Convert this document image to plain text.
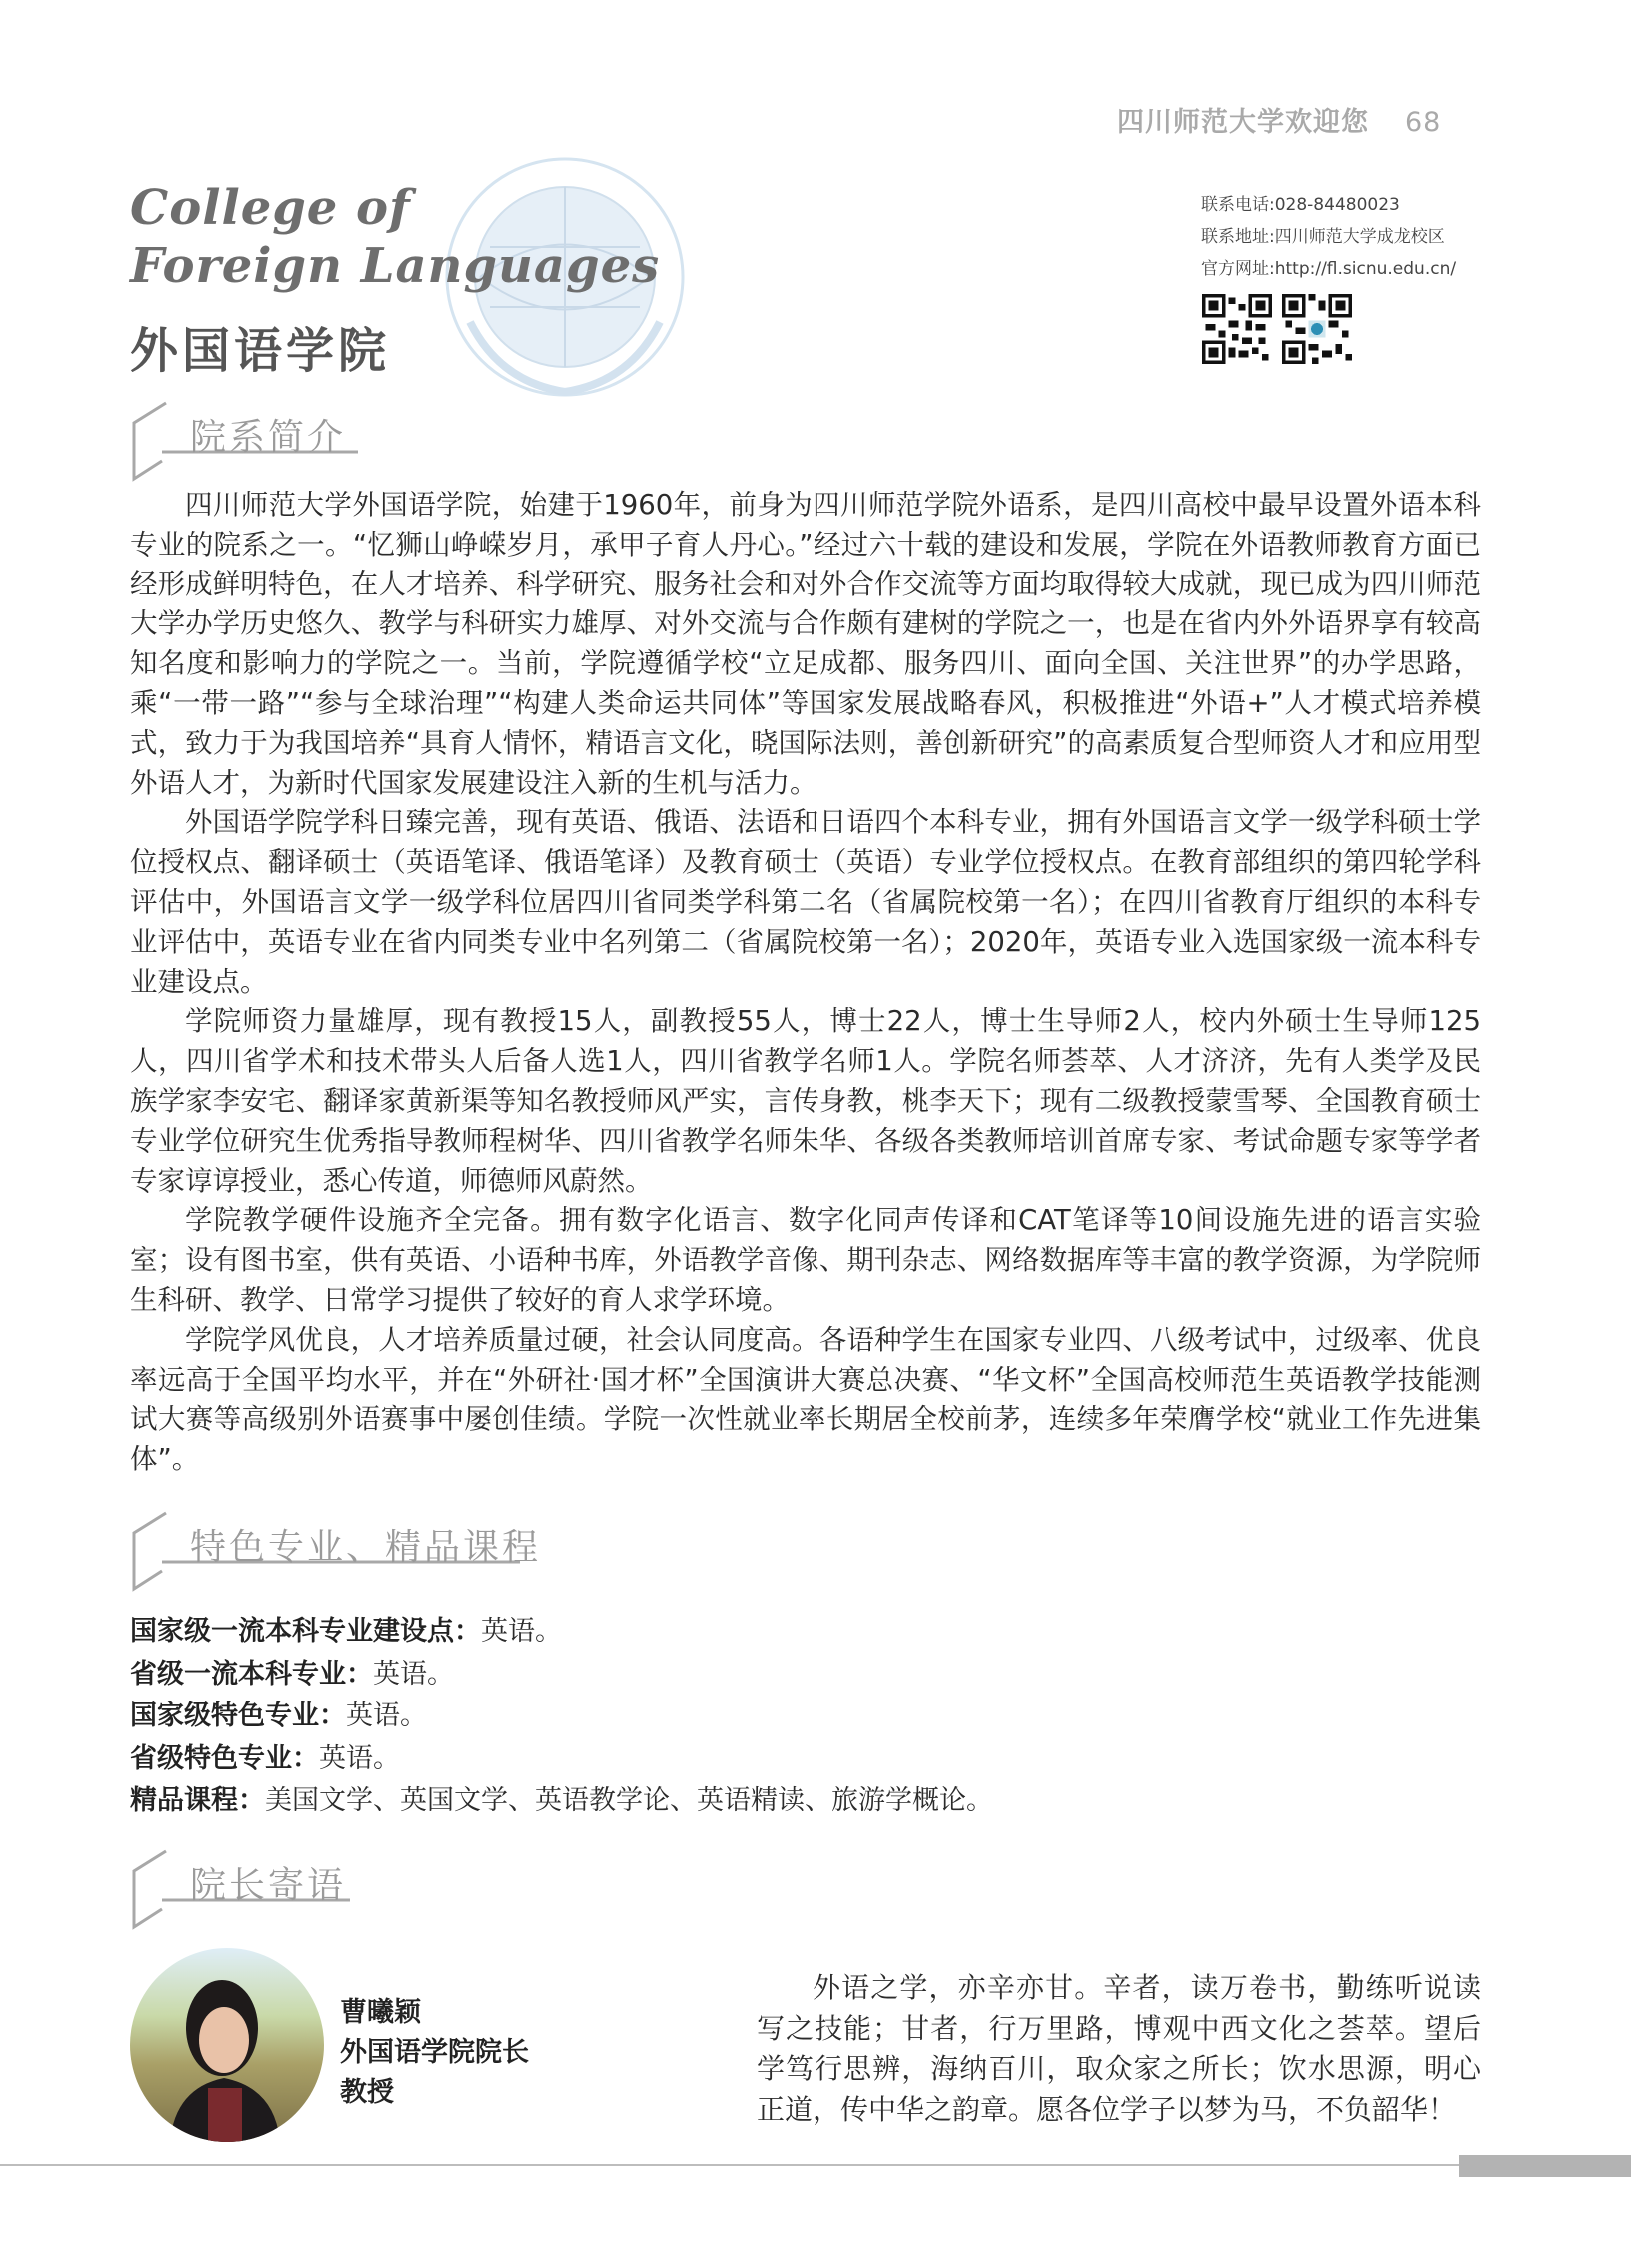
四川师范大学欢迎您 68
College of
Foreign Languages
外国语学院
联系电话:028-84480023
联系地址:四川师范大学成龙校区
官方网址:http://fl.sicnu.edu.cn/
院系简介

四川师范大学外国语学院，始建于1960年，前身为四川师范学院外语系，是四川高校中最早设置外语本科专业的院系之一。“忆狮山峥嵘岁月，承甲子育人丹心。”经过六十载的建设和发展，学院在外语教师教育方面已经形成鲜明特色，在人才培养、科学研究、服务社会和对外合作交流等方面均取得较大成就，现已成为四川师范大学办学历史悠久、教学与科研实力雄厚、对外交流与合作颇有建树的学院之一，也是在省内外外语界享有较高知名度和影响力的学院之一。当前，学院遵循学校“立足成都、服务四川、面向全国、关注世界”的办学思路，乘“一带一路”“参与全球治理”“构建人类命运共同体”等国家发展战略春风，积极推进“外语+”人才模式培养模式，致力于为我国培养“具育人情怀，精语言文化，晓国际法则，善创新研究”的高素质复合型师资人才和应用型外语人才，为新时代国家发展建设注入新的生机与活力。

外国语学院学科日臻完善，现有英语、俄语、法语和日语四个本科专业，拥有外国语言文学一级学科硕士学位授权点、翻译硕士（英语笔译、俄语笔译）及教育硕士（英语）专业学位授权点。在教育部组织的第四轮学科评估中，外国语言文学一级学科位居四川省同类学科第二名（省属院校第一名）；在四川省教育厅组织的本科专业评估中，英语专业在省内同类专业中名列第二（省属院校第一名）；2020年，英语专业入选国家级一流本科专业建设点。

学院师资力量雄厚，现有教授15人，副教授55人，博士22人，博士生导师2人，校内外硕士生导师125人，四川省学术和技术带头人后备人选1人，四川省教学名师1人。学院名师荟萃、人才济济，先有人类学及民族学家李安宅、翻译家黄新渠等知名教授师风严实，言传身教，桃李天下；现有二级教授蒙雪琴、全国教育硕士专业学位研究生优秀指导教师程树华、四川省教学名师朱华、各级各类教师培训首席专家、考试命题专家等学者专家谆谆授业，悉心传道，师德师风蔚然。

学院教学硬件设施齐全完备。拥有数字化语言、数字化同声传译和CAT笔译等10间设施先进的语言实验室；设有图书室，供有英语、小语种书库，外语教学音像、期刊杂志、网络数据库等丰富的教学资源，为学院师生科研、教学、日常学习提供了较好的育人求学环境。

学院学风优良，人才培养质量过硬，社会认同度高。各语种学生在国家专业四、八级考试中，过级率、优良率远高于全国平均水平，并在“外研社·国才杯”全国演讲大赛总决赛、“华文杯”全国高校师范生英语教学技能测试大赛等高级别外语赛事中屡创佳绩。学院一次性就业率长期居全校前茅，连续多年荣膺学校“就业工作先进集体”。

特色专业、精品课程
国家级一流本科专业建设点：英语。
省级一流本科专业：英语。
国家级特色专业：英语。
省级特色专业：英语。
精品课程：美国文学、英国文学、英语教学论、英语精读、旅游学概论。
院长寄语
曹曦颖
外国语学院院长
教授
外语之学，亦辛亦甘。辛者，读万卷书，勤练听说读写之技能；甘者，行万里路，博观中西文化之荟萃。望后学笃行思辨，海纳百川，取众家之所长；饮水思源，明心正道，传中华之韵章。愿各位学子以梦为马，不负韶华！
